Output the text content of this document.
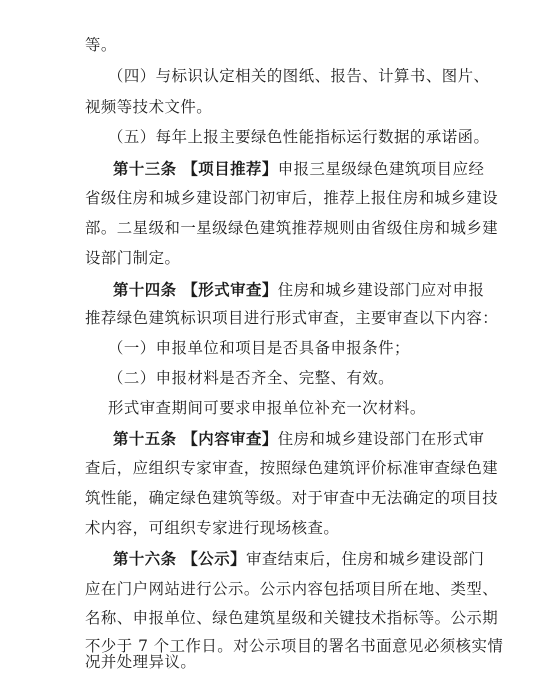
等。
（四）与标识认定相关的图纸、报告、计算书、图片、
视频等技术文件。
（五）每年上报主要绿色性能指标运行数据的承诺函。
第十三条 【项目推荐】申报三星级绿色建筑项目应经
省级住房和城乡建设部门初审后，推荐上报住房和城乡建设
部。二星级和一星级绿色建筑推荐规则由省级住房和城乡建
设部门制定。
第十四条 【形式审查】住房和城乡建设部门应对申报
推荐绿色建筑标识项目进行形式审查，主要审查以下内容：
（一）申报单位和项目是否具备申报条件；
（二）申报材料是否齐全、完整、有效。
形式审查期间可要求申报单位补充一次材料。
第十五条 【内容审查】住房和城乡建设部门在形式审
查后，应组织专家审查，按照绿色建筑评价标准审查绿色建
筑性能，确定绿色建筑等级。对于审查中无法确定的项目技
术内容，可组织专家进行现场核查。
第十六条 【公示】审查结束后，住房和城乡建设部门
应在门户网站进行公示。公示内容包括项目所在地、类型、
名称、申报单位、绿色建筑星级和关键技术指标等。公示期
不少于 7 个工作日。对公示项目的署名书面意见必须核实情
况并处理异议。
